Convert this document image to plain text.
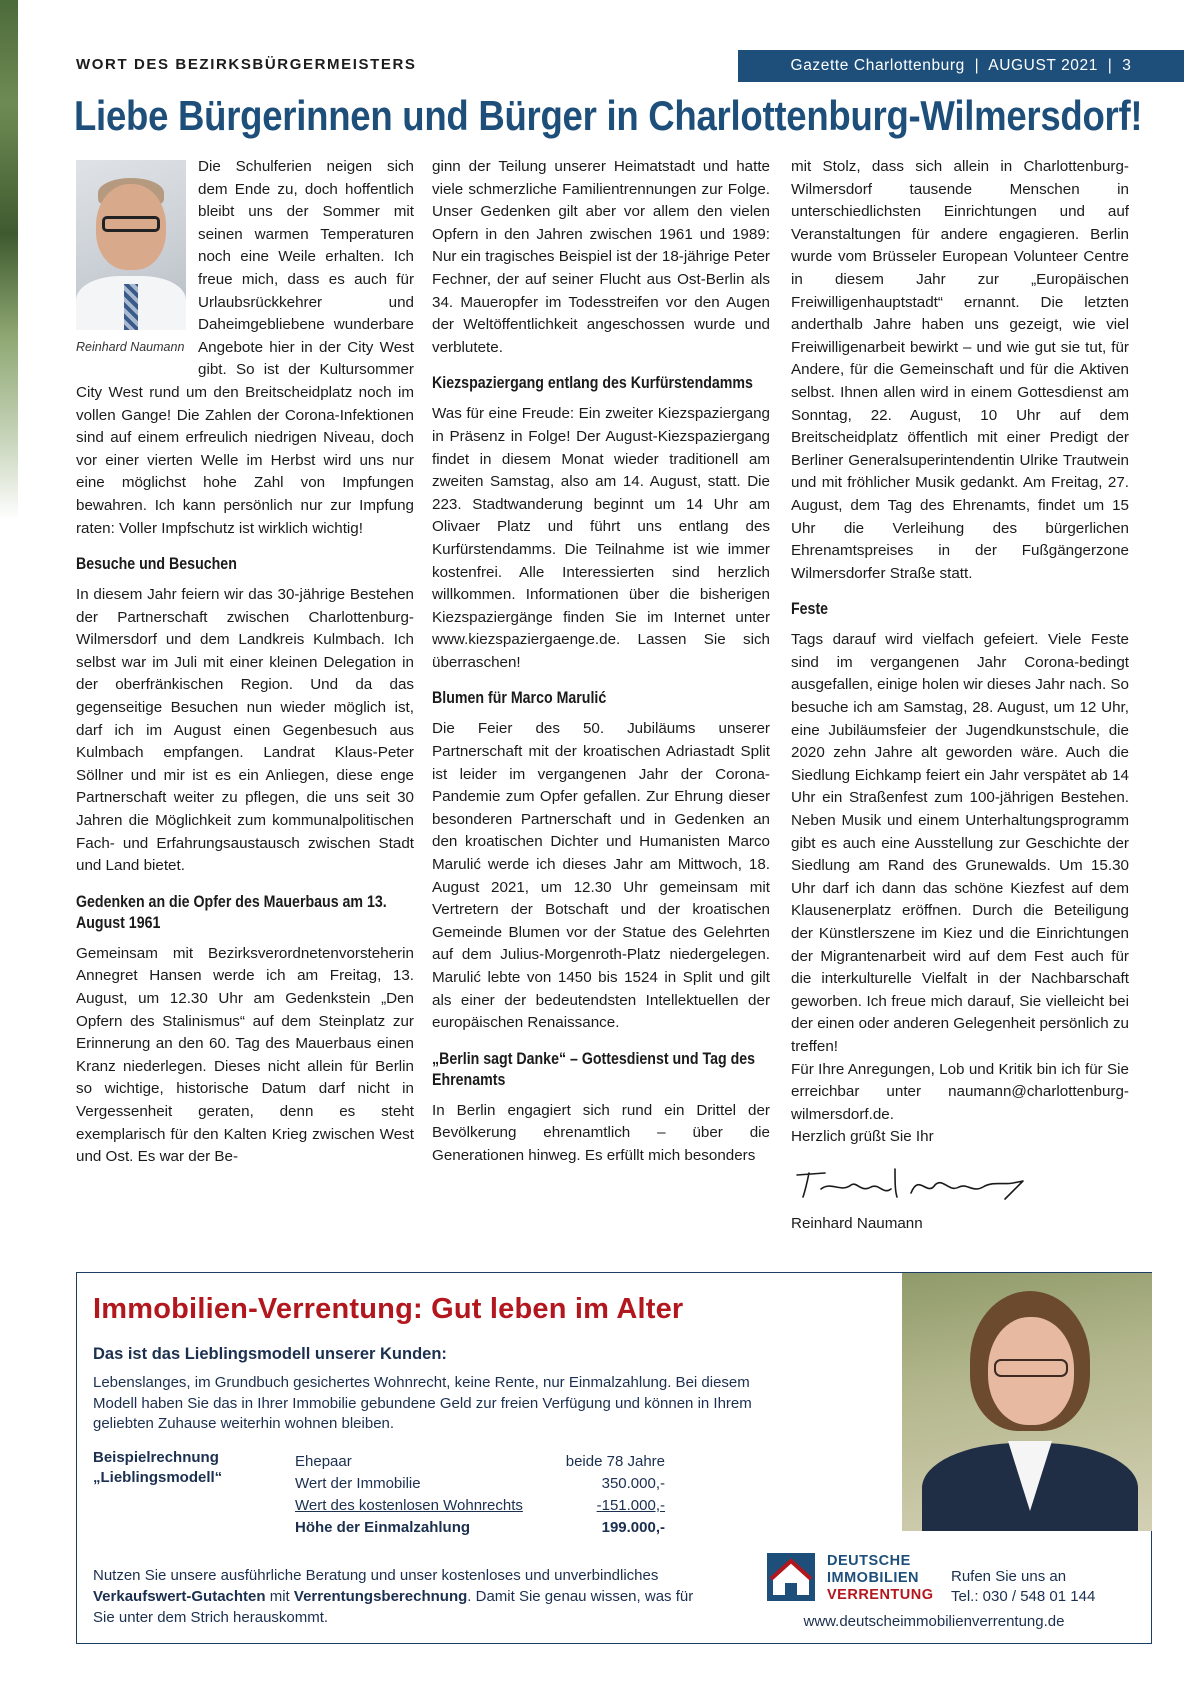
WORT DES BEZIRKSBÜRGERMEISTERS	Gazette Charlottenburg  |  AUGUST 2021  |  3
Liebe Bürgerinnen und Bürger in Charlottenburg-Wilmersdorf!
Reinhard Naumann

Die Schulferien neigen sich dem Ende zu, doch hoffentlich bleibt uns der Sommer mit seinen warmen Temperaturen noch eine Weile erhalten. Ich freue mich, dass es auch für Urlaubsrückkehrer und Daheimgebliebene wunderbare Angebote hier in der City West gibt. So ist der Kultursommer City West rund um den Breitscheidplatz noch im vollen Gange! Die Zahlen der Corona-Infektionen sind auf einem erfreulich niedrigen Niveau, doch vor einer vierten Welle im Herbst wird uns nur eine möglichst hohe Zahl von Impfungen bewahren. Ich kann persönlich nur zur Impfung raten: Voller Impfschutz ist wirklich wichtig!

Besuche und Besuchen

In diesem Jahr feiern wir das 30-jährige Bestehen der Partnerschaft zwischen Charlottenburg-Wilmersdorf und dem Landkreis Kulmbach. Ich selbst war im Juli mit einer kleinen Delegation in der oberfränkischen Region. Und da das gegenseitige Besuchen nun wieder möglich ist, darf ich im August einen Gegenbesuch aus Kulmbach empfangen. Landrat Klaus-Peter Söllner und mir ist es ein Anliegen, diese enge Partnerschaft weiter zu pflegen, die uns seit 30 Jahren die Möglichkeit zum kommunalpolitischen Fach- und Erfahrungsaustausch zwischen Stadt und Land bietet.

Gedenken an die Opfer des Mauerbaus am 13. August 1961

Gemeinsam mit Bezirksverordnetenvorsteherin Annegret Hansen werde ich am Freitag, 13. August, um 12.30 Uhr am Gedenkstein „Den Opfern des Stalinismus“ auf dem Steinplatz zur Erinnerung an den 60. Tag des Mauerbaus einen Kranz niederlegen. Dieses nicht allein für Berlin so wichtige, historische Datum darf nicht in Vergessenheit geraten, denn es steht exemplarisch für den Kalten Krieg zwischen West und Ost. Es war der Be-

ginn der Teilung unserer Heimatstadt und hatte viele schmerzliche Familientrennungen zur Folge. Unser Gedenken gilt aber vor allem den vielen Opfern in den Jahren zwischen 1961 und 1989: Nur ein tragisches Beispiel ist der 18-jährige Peter Fechner, der auf seiner Flucht aus Ost-Berlin als 34. Maueropfer im Todesstreifen vor den Augen der Weltöffentlichkeit angeschossen wurde und verblutete.

Kiezspaziergang entlang des Kurfürstendamms

Was für eine Freude: Ein zweiter Kiezspaziergang in Präsenz in Folge! Der August-Kiezspaziergang findet in diesem Monat wieder traditionell am zweiten Samstag, also am 14. August, statt. Die 223. Stadtwanderung beginnt um 14 Uhr am Olivaer Platz und führt uns entlang des Kurfürstendamms. Die Teilnahme ist wie immer kostenfrei. Alle Interessierten sind herzlich willkommen. Informationen über die bisherigen Kiezspaziergänge finden Sie im Internet unter www.kiezspaziergaenge.de. Lassen Sie sich überraschen!

Blumen für Marco Marulić

Die Feier des 50. Jubiläums unserer Partnerschaft mit der kroatischen Adriastadt Split ist leider im vergangenen Jahr der Corona-Pandemie zum Opfer gefallen. Zur Ehrung dieser besonderen Partnerschaft und in Gedenken an den kroatischen Dichter und Humanisten Marco Marulić werde ich dieses Jahr am Mittwoch, 18. August 2021, um 12.30 Uhr gemeinsam mit Vertretern der Botschaft und der kroatischen Gemeinde Blumen vor der Statue des Gelehrten auf dem Julius-Morgenroth-Platz niedergelegen. Marulić lebte von 1450 bis 1524 in Split und gilt als einer der bedeutendsten Intellektuellen der europäischen Renaissance.

„Berlin sagt Danke“ – Gottesdienst und Tag des Ehrenamts

In Berlin engagiert sich rund ein Drittel der Bevölkerung ehrenamtlich – über die Generationen hinweg. Es erfüllt mich besonders

mit Stolz, dass sich allein in Charlottenburg-Wilmersdorf tausende Menschen in unterschiedlichsten Einrichtungen und auf Veranstaltungen für andere engagieren. Berlin wurde vom Brüsseler European Volunteer Centre in diesem Jahr zur „Europäischen Freiwilligenhauptstadt“ ernannt. Die letzten anderthalb Jahre haben uns gezeigt, wie viel Freiwilligenarbeit bewirkt – und wie gut sie tut, für Andere, für die Gemeinschaft und für die Aktiven selbst. Ihnen allen wird in einem Gottesdienst am Sonntag, 22. August, 10 Uhr auf dem Breitscheidplatz öffentlich mit einer Predigt der Berliner Generalsuperintendentin Ulrike Trautwein und mit fröhlicher Musik gedankt. Am Freitag, 27. August, dem Tag des Ehrenamts, findet um 15 Uhr die Verleihung des bürgerlichen Ehrenamtspreises in der Fußgängerzone Wilmersdorfer Straße statt.

Feste

Tags darauf wird vielfach gefeiert. Viele Feste sind im vergangenen Jahr Corona-bedingt ausgefallen, einige holen wir dieses Jahr nach. So besuche ich am Samstag, 28. August, um 12 Uhr, eine Jubiläumsfeier der Jugendkunstschule, die 2020 zehn Jahre alt geworden wäre. Auch die Siedlung Eichkamp feiert ein Jahr verspätet ab 14 Uhr ein Straßenfest zum 100-jährigen Bestehen. Neben Musik und einem Unterhaltungsprogramm gibt es auch eine Ausstellung zur Geschichte der Siedlung am Rand des Grunewalds. Um 15.30 Uhr darf ich dann das schöne Kiezfest auf dem Klausenerplatz eröffnen. Durch die Beteiligung der Künstlerszene im Kiez und die Einrichtungen der Migrantenarbeit wird auf dem Fest auch für die interkulturelle Vielfalt in der Nachbarschaft geworben. Ich freue mich darauf, Sie vielleicht bei der einen oder anderen Gelegenheit persönlich zu treffen!

Für Ihre Anregungen, Lob und Kritik bin ich für Sie erreichbar unter naumann@charlottenburg-wilmersdorf.de.

Herzlich grüßt Sie Ihr

Reinhard Naumann
Immobilien-Verrentung: Gut leben im Alter
Das ist das Lieblingsmodell unserer Kunden:
Lebenslanges, im Grundbuch gesichertes Wohnrecht, keine Rente, nur Einmalzahlung. Bei diesem Modell haben Sie das in Ihrer Immobilie gebundene Geld zur freien Verfügung und können in Ihrem geliebten Zuhause weiterhin wohnen bleiben.
Beispielrechnung
„Lieblingsmodell“
Ehepaar	beide 78 Jahre
Wert der Immobilie	350.000,-
Wert des kostenlosen Wohnrechts	-151.000,-
Höhe der Einmalzahlung	199.000,-
Nutzen Sie unsere ausführliche Beratung und unser kostenloses und unverbindliches Verkaufswert-Gutachten mit Verrentungsberechnung. Damit Sie genau wissen, was für Sie unter dem Strich herauskommt.
DEUTSCHE
IMMOBILIEN
VERRENTUNG
Rufen Sie uns an
Tel.: 030 / 548 01 144
www.deutscheimmobilienverrentung.de
